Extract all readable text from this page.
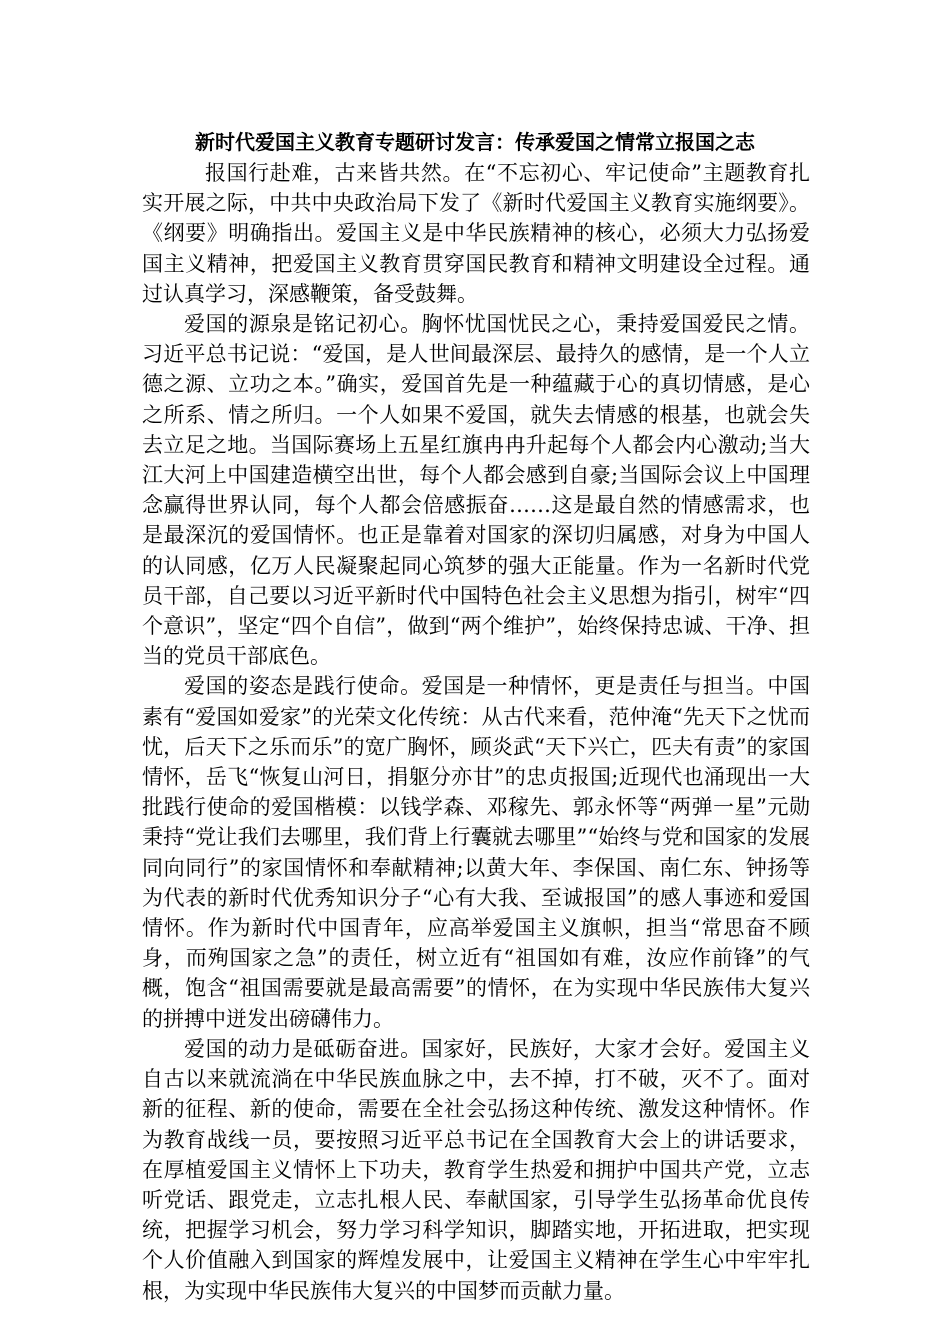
新时代爱国主义教育专题研讨发言：传承爱国之情常立报国之志

报国行赴难，古来皆共然。在“不忘初心、牢记使命”主题教育扎实开展之际，中共中央政治局下发了《新时代爱国主义教育实施纲要》。《纲要》明确指出。爱国主义是中华民族精神的核心，必须大力弘扬爱国主义精神，把爱国主义教育贯穿国民教育和精神文明建设全过程。通过认真学习，深感鞭策，备受鼓舞。

爱国的源泉是铭记初心。胸怀忧国忧民之心，秉持爱国爱民之情。习近平总书记说：“爱国，是人世间最深层、最持久的感情，是一个人立德之源、立功之本。”确实，爱国首先是一种蕴藏于心的真切情感，是心之所系、情之所归。一个人如果不爱国，就失去情感的根基，也就会失去立足之地。当国际赛场上五星红旗冉冉升起每个人都会内心激动;当大江大河上中国建造横空出世，每个人都会感到自豪;当国际会议上中国理念赢得世界认同，每个人都会倍感振奋……这是最自然的情感需求，也是最深沉的爱国情怀。也正是靠着对国家的深切归属感，对身为中国人的认同感，亿万人民凝聚起同心筑梦的强大正能量。作为一名新时代党员干部，自己要以习近平新时代中国特色社会主义思想为指引，树牢“四个意识”，坚定“四个自信”，做到“两个维护”，始终保持忠诚、干净、担当的党员干部底色。

爱国的姿态是践行使命。爱国是一种情怀，更是责任与担当。中国素有“爱国如爱家”的光荣文化传统：从古代来看，范仲淹“先天下之忧而忧，后天下之乐而乐”的宽广胸怀，顾炎武“天下兴亡，匹夫有责”的家国情怀，岳飞“恢复山河日，捐躯分亦甘”的忠贞报国;近现代也涌现出一大批践行使命的爱国楷模：以钱学森、邓稼先、郭永怀等“两弹一星”元勋秉持“党让我们去哪里，我们背上行囊就去哪里”“始终与党和国家的发展同向同行”的家国情怀和奉献精神;以黄大年、李保国、南仁东、钟扬等为代表的新时代优秀知识分子“心有大我、至诚报国”的感人事迹和爱国情怀。作为新时代中国青年，应高举爱国主义旗帜，担当“常思奋不顾身，而殉国家之急”的责任，树立近有“祖国如有难，汝应作前锋”的气概，饱含“祖国需要就是最高需要”的情怀，在为实现中华民族伟大复兴的拼搏中迸发出磅礴伟力。

爱国的动力是砥砺奋进。国家好，民族好，大家才会好。爱国主义自古以来就流淌在中华民族血脉之中，去不掉，打不破，灭不了。面对新的征程、新的使命，需要在全社会弘扬这种传统、激发这种情怀。作为教育战线一员，要按照习近平总书记在全国教育大会上的讲话要求，在厚植爱国主义情怀上下功夫，教育学生热爱和拥护中国共产党，立志听党话、跟党走，立志扎根人民、奉献国家，引导学生弘扬革命优良传统，把握学习机会，努力学习科学知识，脚踏实地，开拓进取，把实现个人价值融入到国家的辉煌发展中，让爱国主义精神在学生心中牢牢扎根，为实现中华民族伟大复兴的中国梦而贡献力量。
